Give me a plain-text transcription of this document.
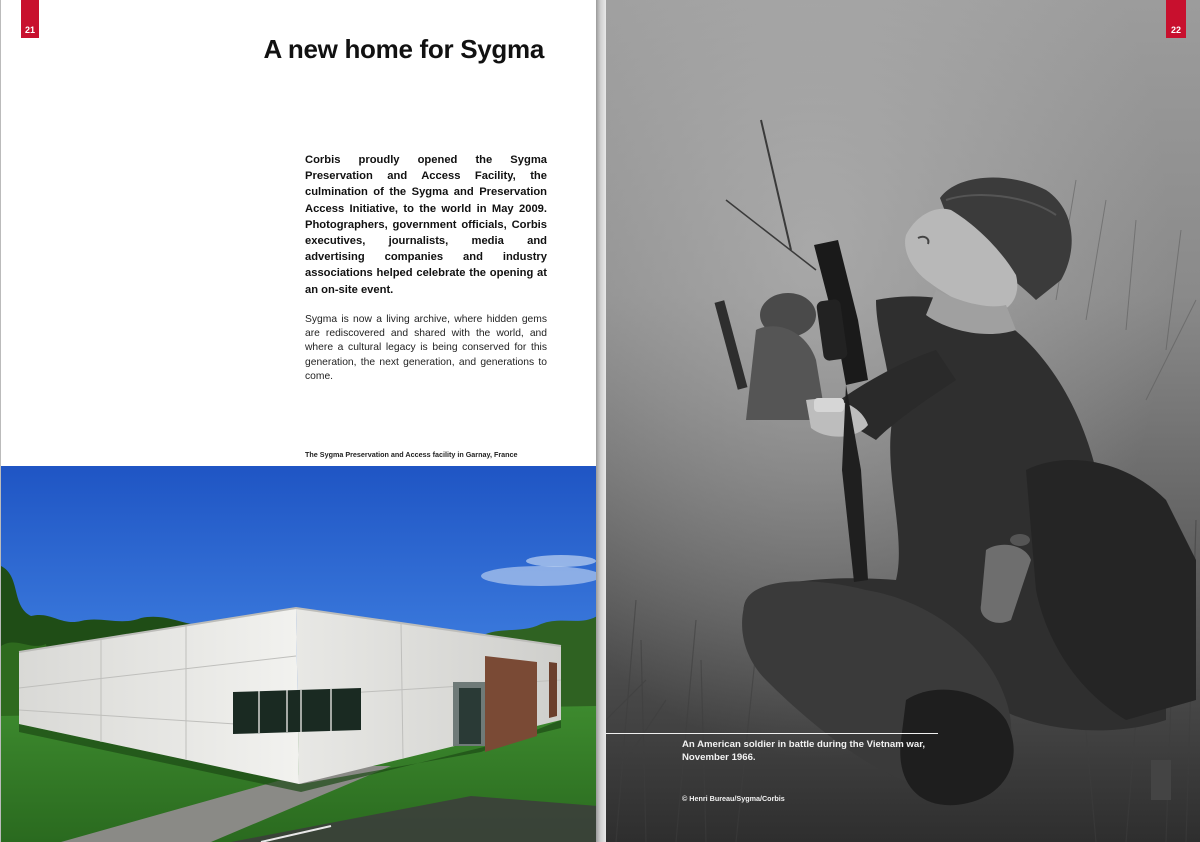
21
A new home for Sygma

Corbis proudly opened the Sygma Preservation and Access Facility, the culmination of the Sygma and Preservation Access Initiative, to the world in May 2009. Photographers, government officials, Corbis executives, journalists, media and advertising companies and industry associations helped celebrate the opening at an on-site event.

Sygma is now a living archive, where hidden gems are rediscovered and shared with the world, and where a cultural legacy is being conserved for this generation, the next generation, and generations to come.

The Sygma Preservation and Access facility in Garnay, France
22

An American soldier in battle during the Vietnam war, November 1966.

© Henri Bureau/Sygma/Corbis
